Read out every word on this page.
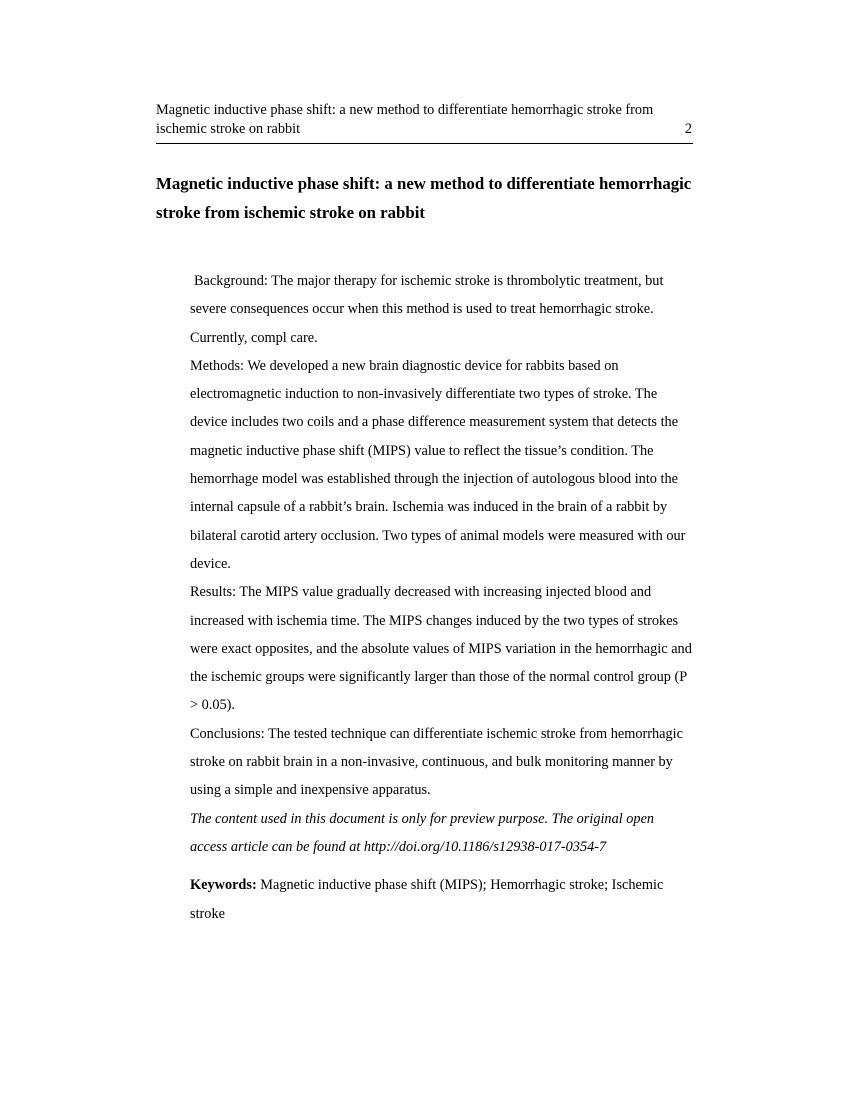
Magnetic inductive phase shift: a new method to differentiate hemorrhagic stroke from ischemic stroke on rabbit	2
Magnetic inductive phase shift: a new method to differentiate hemorrhagic stroke from ischemic stroke on rabbit

Background: The major therapy for ischemic stroke is thrombolytic treatment, but severe consequences occur when this method is used to treat hemorrhagic stroke. Currently, compl care.

Methods: We developed a new brain diagnostic device for rabbits based on electromagnetic induction to non-invasively differentiate two types of stroke. The device includes two coils and a phase difference measurement system that detects the magnetic inductive phase shift (MIPS) value to reflect the tissue’s condition. The hemorrhage model was established through the injection of autologous blood into the internal capsule of a rabbit’s brain. Ischemia was induced in the brain of a rabbit by bilateral carotid artery occlusion. Two types of animal models were measured with our device.

Results: The MIPS value gradually decreased with increasing injected blood and increased with ischemia time. The MIPS changes induced by the two types of strokes were exact opposites, and the absolute values of MIPS variation in the hemorrhagic and the ischemic groups were significantly larger than those of the normal control group (P > 0.05).

Conclusions: The tested technique can differentiate ischemic stroke from hemorrhagic stroke on rabbit brain in a non-invasive, continuous, and bulk monitoring manner by using a simple and inexpensive apparatus.

The content used in this document is only for preview purpose. The original open access article can be found at http://doi.org/10.1186/s12938-017-0354-7

Keywords: Magnetic inductive phase shift (MIPS); Hemorrhagic stroke; Ischemic stroke
